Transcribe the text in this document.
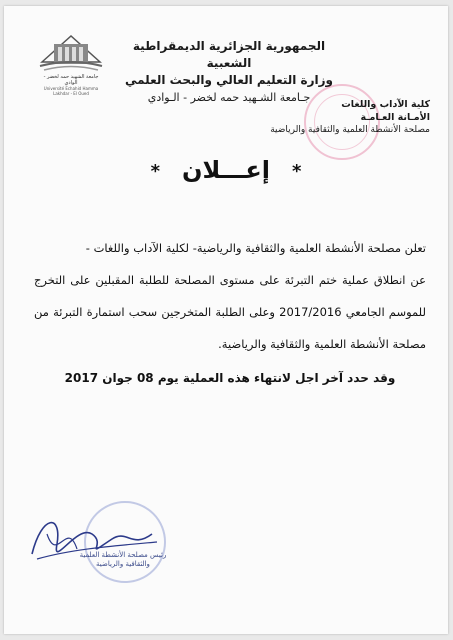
جامعة الشهيد حمه لخضر - الوادي
Université Echahid Hamma Lakhdar - El Oued
الجمهورية الجزائرية الديمقراطية الشعبية
وزارة التعليم العالي والبحث العلمي
جـامعة الشـهيد حمه لخضر - الـوادي
كلية الآداب واللغات
الأمـانة العـامـة
مصلحة الأنشطة العلمية والثقافية والرياضية
*إعـــلان*

تعلن مصلحة الأنشطة العلمية والثقافية والرياضية- لكلية الآداب واللغات -

عن انطلاق عملية ختم التبرئة على مستوى المصلحة للطلبة المقبلين على التخرج للموسم الجامعي 2017/2016 وعلى الطلبة المتخرجين سحب استمارة التبرئة من مصلحة الأنشطة العلمية والثقافية والرياضية.

وقد حدد آخر اجل لانتهاء هذه العملية يوم 08 جوان 2017

رئيس مصلحة الأنشطة العلمية والثقافية والرياضية
